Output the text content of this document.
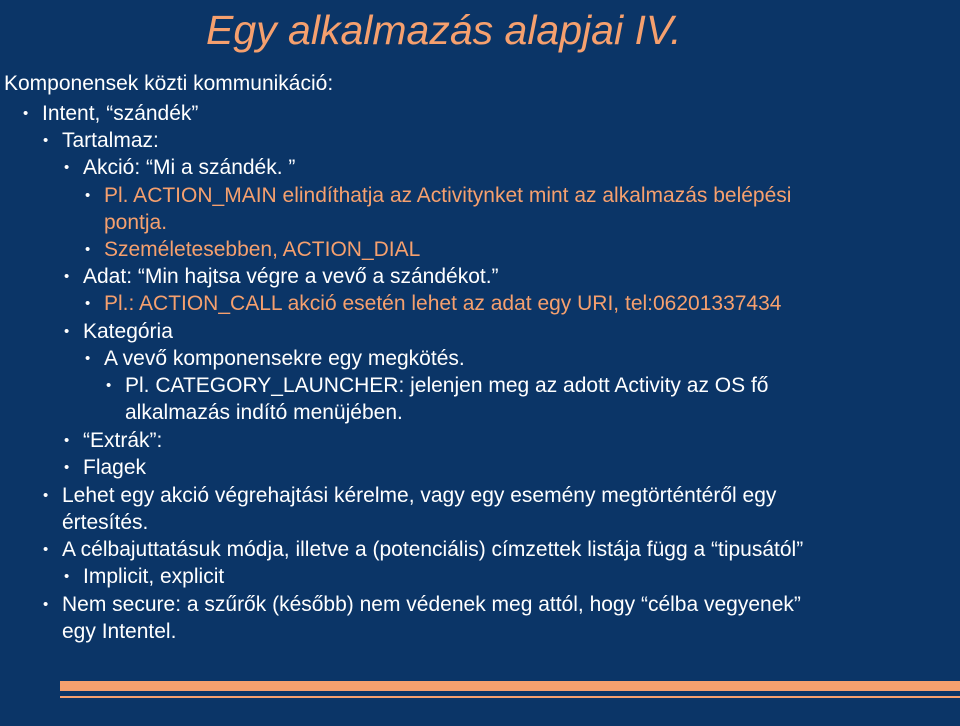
Egy alkalmazás alapjai IV.
Komponensek közti kommunikáció:
• Intent, “szándék”
• Tartalmaz:
• Akció: “Mi a szándék. ”
• Pl. ACTION_MAIN elindíthatja az Activitynket mint az alkalmazás belépési
pontja.
• Személetesebben, ACTION_DIAL
• Adat: “Min hajtsa végre a vevő a szándékot.”
• Pl.: ACTION_CALL akció esetén lehet az adat egy URI, tel:06201337434
• Kategória
• A vevő komponensekre egy megkötés.
• Pl. CATEGORY_LAUNCHER: jelenjen meg az adott Activity az OS fő
alkalmazás indító menüjében.
• “Extrák”:
• Flagek
• Lehet egy akció végrehajtási kérelme, vagy egy esemény megtörténtéről egy
értesítés.
• A célbajuttatásuk módja, illetve a (potenciális) címzettek listája függ a “tipusától”
• Implicit, explicit
• Nem secure: a szűrők (később) nem védenek meg attól, hogy “célba vegyenek”
egy Intentel.
